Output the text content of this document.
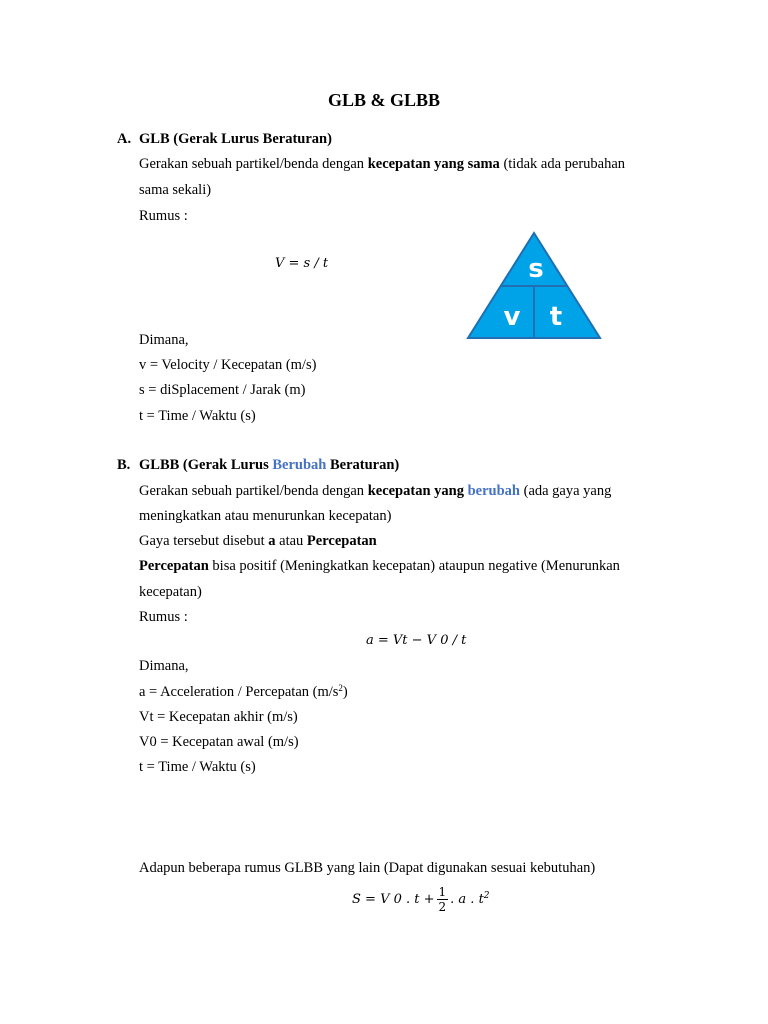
GLB & GLBB
A. GLB (Gerak Lurus Beraturan)
Gerakan sebuah partikel/benda dengan kecepatan yang sama (tidak ada perubahan
sama sekali)
Rumus :
V = s / t	s
v t
Dimana,
v = Velocity / Kecepatan (m/s)
s = diSplacement / Jarak (m)
t = Time / Waktu (s)
B. GLBB (Gerak Lurus Berubah Beraturan)
Gerakan sebuah partikel/benda dengan kecepatan yang berubah (ada gaya yang
meningkatkan atau menurunkan kecepatan)
Gaya tersebut disebut a atau Percepatan
Percepatan bisa positif (Meningkatkan kecepatan) ataupun negative (Menurunkan
kecepatan)
Rumus :
a = Vt − V 0 / t
Dimana,
a = Acceleration / Percepatan $(m/s^2)$
Vt = Kecepatan akhir (m/s)
V0 = Kecepatan awal (m/s)
t = Time / Waktu (s)
Adapun beberapa rumus GLBB yang lain (Dapat digunakan sesuai kebutuhan)
S = V 0 . $t + \frac{1}{2}$ . a . $t^2$
